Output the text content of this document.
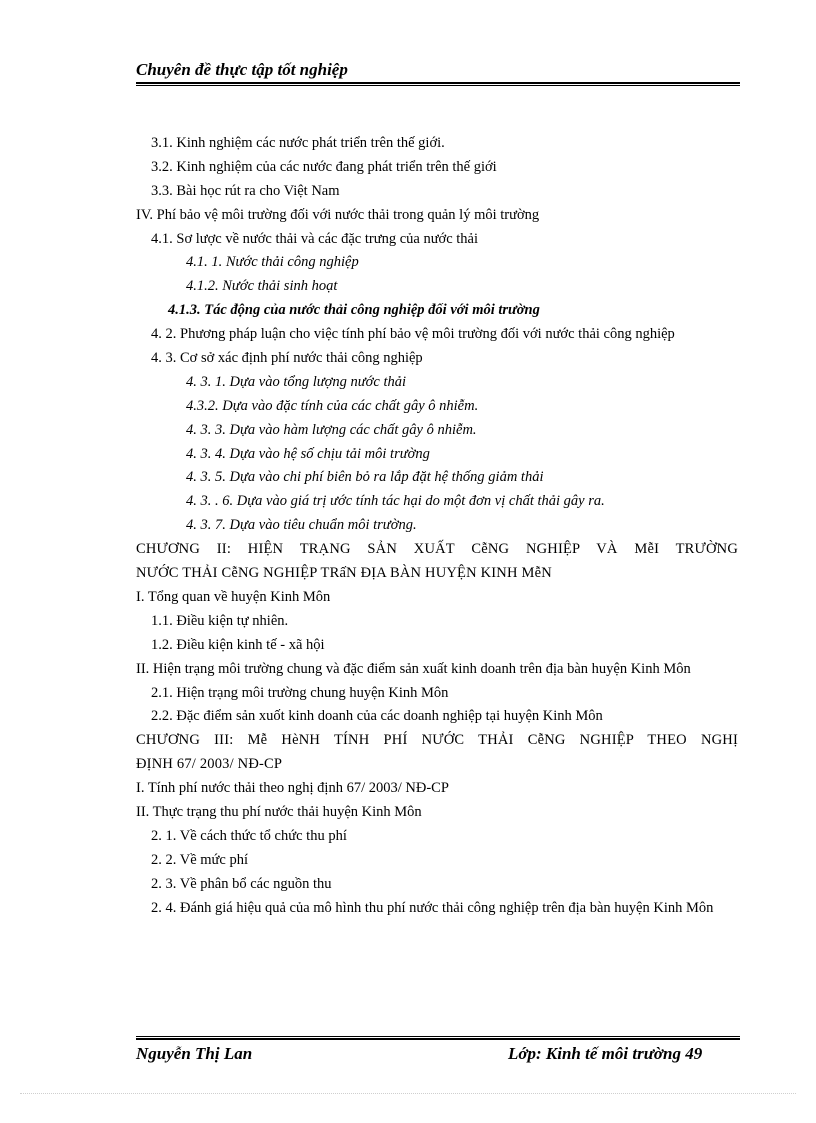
Chuyên đề thực tập tốt nghiệp
3.1. Kinh nghiệm các nước phát triển trên thế giới.
3.2. Kinh nghiệm của các nước đang phát triển trên thế giới
3.3. Bài học rút ra cho Việt Nam
IV. Phí bảo vệ môi trường đối với nước thải trong quản lý môi trường
4.1. Sơ lược về nước thải và các đặc trưng của nước thải
4.1. 1. Nước thải công nghiệp
4.1.2. Nước thải sinh hoạt
4.1.3. Tác động của nước thải công nghiệp đối với môi trường
4. 2. Phương pháp luận cho việc tính phí bảo vệ môi trường đối với nước thải công nghiệp
4. 3. Cơ sở xác định phí nước thải công nghiệp
4. 3. 1. Dựa vào tổng lượng nước thải
4.3.2. Dựa vào đặc tính của các chất gây ô nhiễm.
4. 3. 3. Dựa vào hàm lượng các chất gây ô nhiễm.
4. 3. 4. Dựa vào hệ số chịu tải môi trường
4. 3. 5. Dựa vào chi phí biên bỏ ra lắp đặt hệ thống giảm thải
4. 3. . 6. Dựa vào giá trị ước tính tác hại do một đơn vị chất thải gây ra.
4. 3. 7. Dựa vào tiêu chuẩn môi trường.
CHƯƠNG II: HIỆN TRẠNG SẢN XUẤT CễNG NGHIỆP VÀ MễI TRƯỜNG
NƯỚC THẢI CễNG NGHIỆP TRấN ĐỊA BÀN HUYỆN KINH MễN
I. Tổng quan về huyện Kinh Môn
1.1. Điều kiện tự nhiên.
1.2. Điều kiện kinh tế - xã hội
II. Hiện trạng môi trường chung và đặc điểm sản xuất kinh doanh trên địa bàn huyện Kinh Môn
2.1. Hiện trạng môi trường chung huyện Kinh Môn
2.2. Đặc điểm sản xuốt kinh doanh của các doanh nghiệp tại huyện Kinh Môn
CHƯƠNG III: Mễ HèNH TÍNH PHÍ NƯỚC THẢI CễNG NGHIỆP THEO NGHỊ
ĐỊNH 67/ 2003/ NĐ-CP
I. Tính phí nước thải theo nghị định 67/ 2003/ NĐ-CP
II. Thực trạng thu phí nước thải huyện Kinh Môn
2. 1. Về cách thức tổ chức thu phí
2. 2. Về mức phí
2. 3. Về phân bổ các nguồn thu
2. 4. Đánh giá hiệu quả của mô hình thu phí nước thải công nghiệp trên địa bàn huyện Kinh Môn
Nguyễn Thị Lan	Lớp: Kinh tế môi trường 49
